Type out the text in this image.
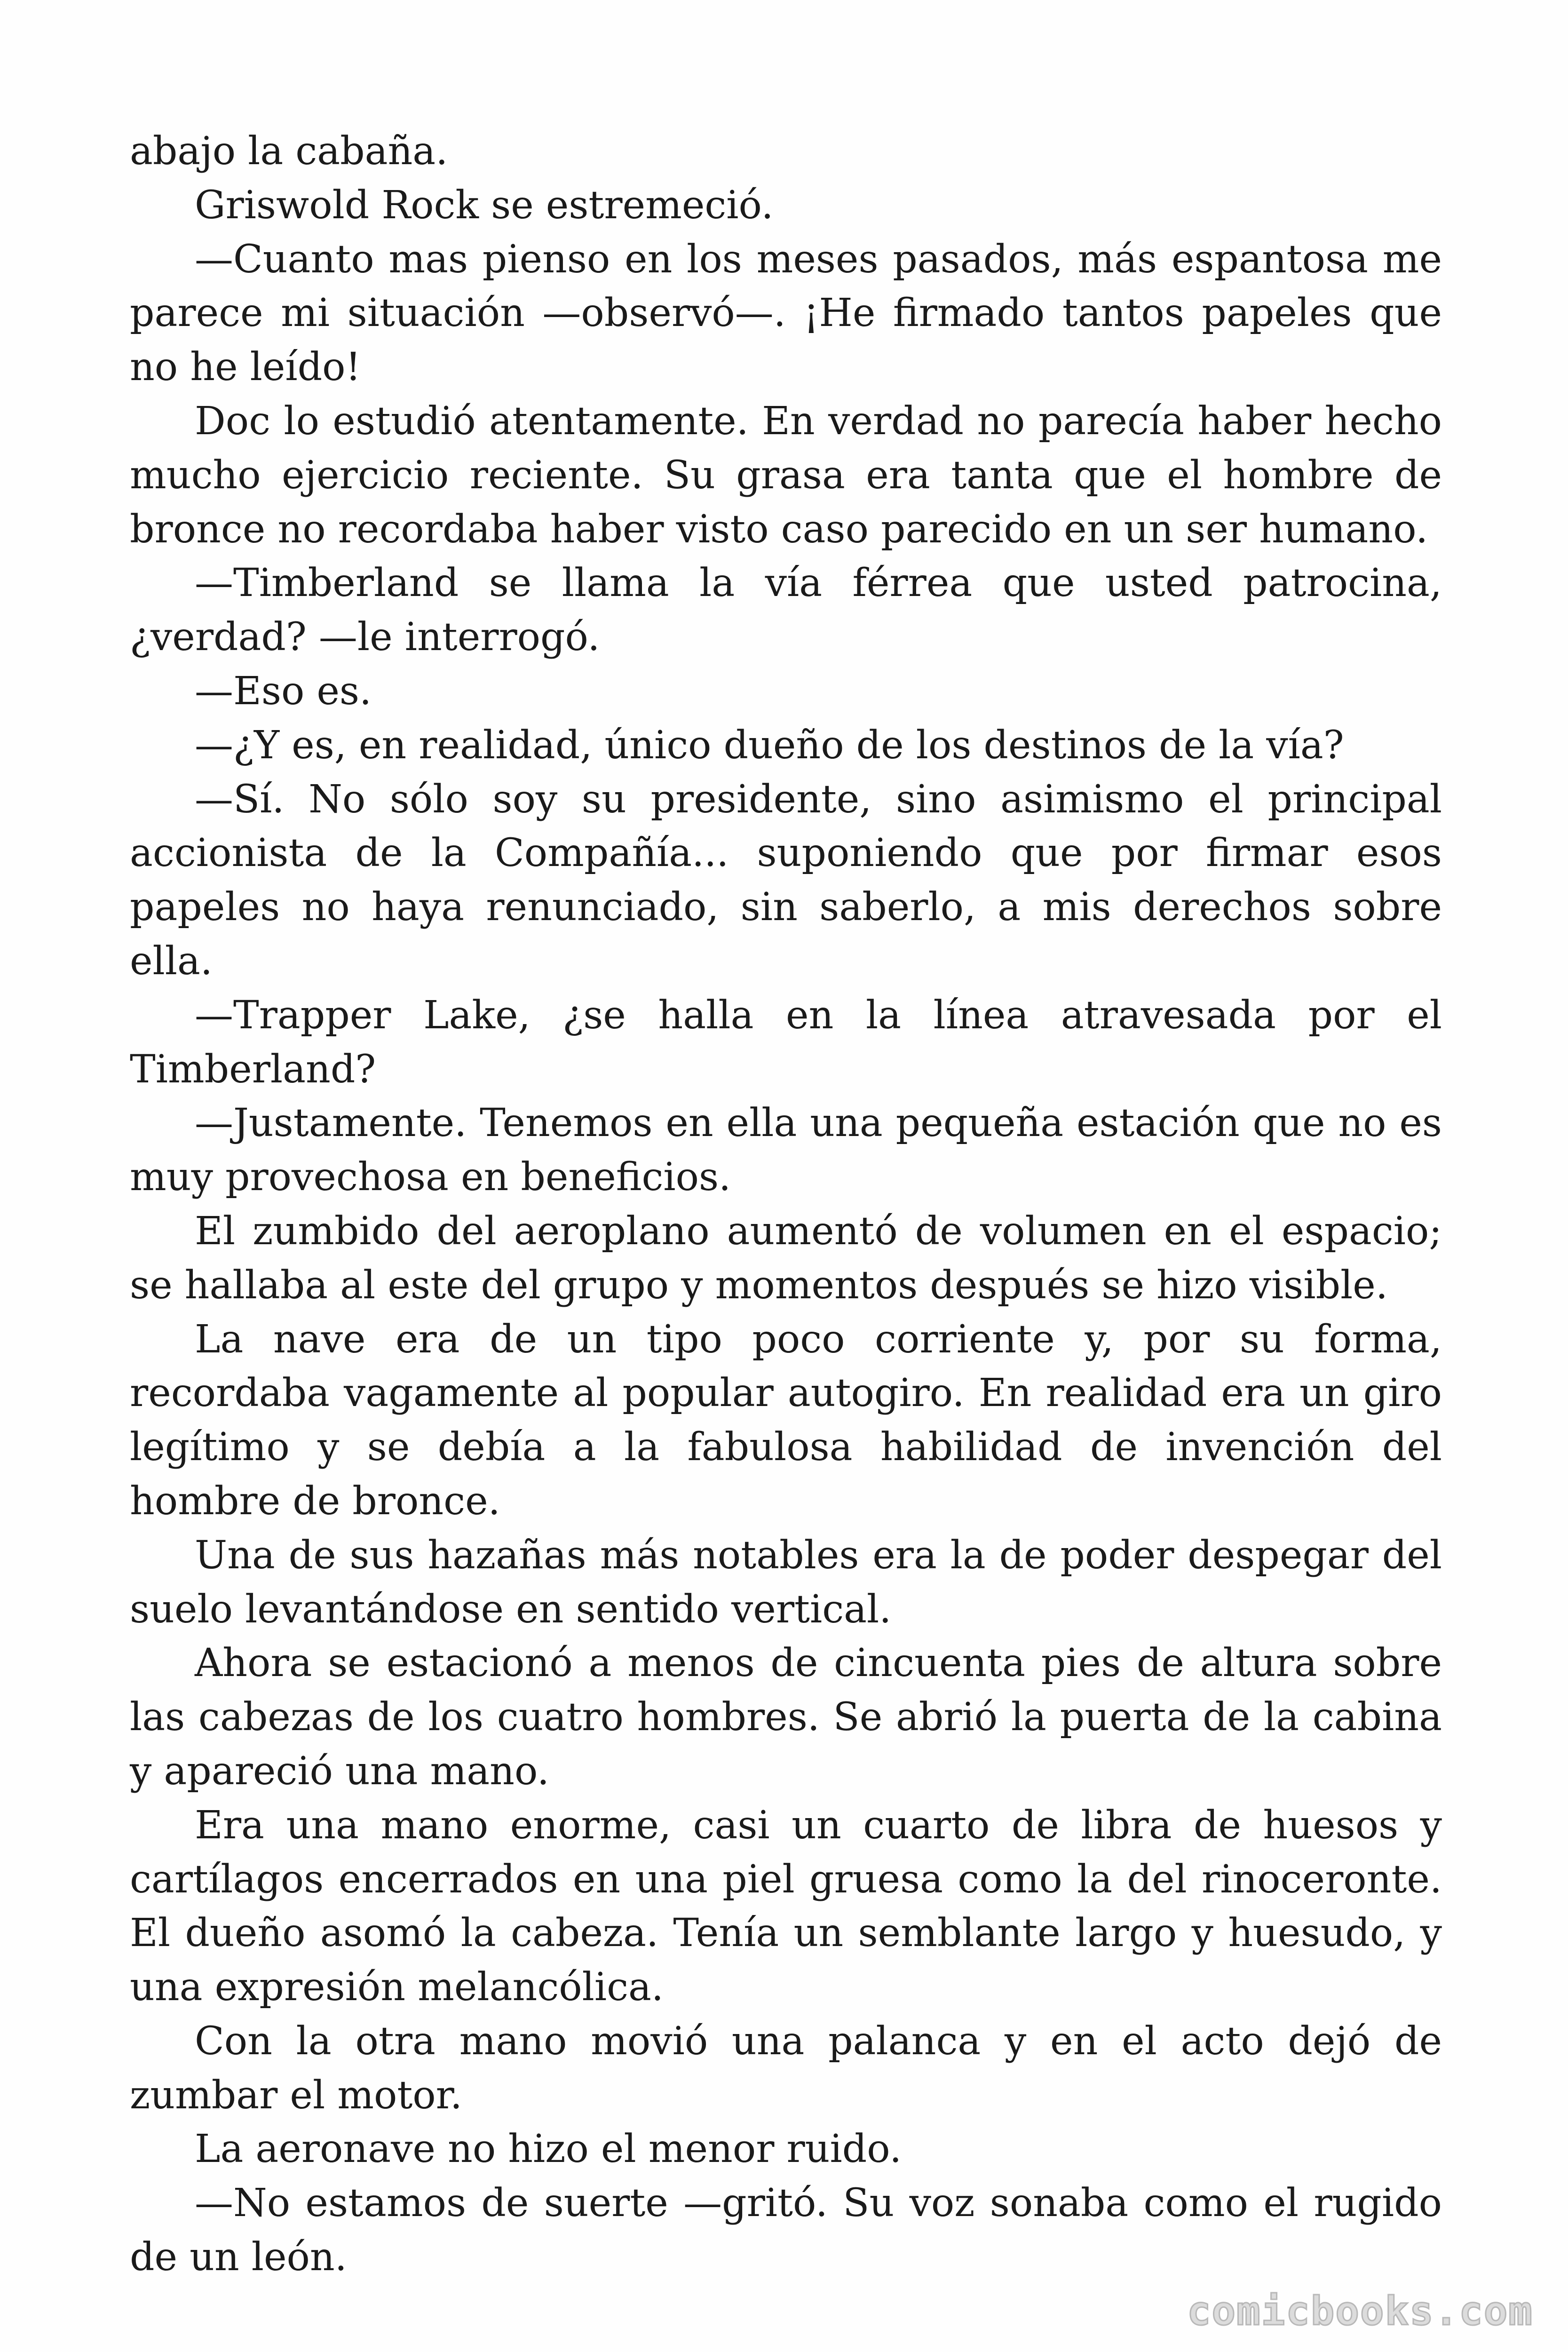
abajo la cabaña.

Griswold Rock se estremeció.

—Cuanto mas pienso en los meses pasados, más espantosa me parece mi situación —observó—. ¡He firmado tantos papeles que no he leído!

Doc lo estudió atentamente. En verdad no parecía haber hecho mucho ejercicio reciente. Su grasa era tanta que el hombre de bronce no recordaba haber visto caso parecido en un ser humano.

—Timberland se llama la vía férrea que usted patrocina, ¿verdad? —le interrogó.

—Eso es.

—¿Y es, en realidad, único dueño de los destinos de la vía?

—Sí. No sólo soy su presidente, sino asimismo el principal accionista de la Compañía... suponiendo que por firmar esos papeles no haya renunciado, sin saberlo, a mis derechos sobre ella.

—Trapper Lake, ¿se halla en la línea atravesada por el Timberland?

—Justamente. Tenemos en ella una pequeña estación que no es muy provechosa en beneficios.

El zumbido del aeroplano aumentó de volumen en el espacio; se hallaba al este del grupo y momentos después se hizo visible.

La nave era de un tipo poco corriente y, por su forma, recordaba vagamente al popular autogiro. En realidad era un giro legítimo y se debía a la fabulosa habilidad de invención del hombre de bronce.

Una de sus hazañas más notables era la de poder despegar del suelo levantándose en sentido vertical.

Ahora se estacionó a menos de cincuenta pies de altura sobre las cabezas de los cuatro hombres. Se abrió la puerta de la cabina y apareció una mano.

Era una mano enorme, casi un cuarto de libra de huesos y cartílagos encerrados en una piel gruesa como la del rinoceronte. El dueño asomó la cabeza. Tenía un semblante largo y huesudo, y una expresión melancólica.

Con la otra mano movió una palanca y en el acto dejó de zumbar el motor.

La aeronave no hizo el menor ruido.

—No estamos de suerte —gritó. Su voz sonaba como el rugido de un león.

comicbooks.com
